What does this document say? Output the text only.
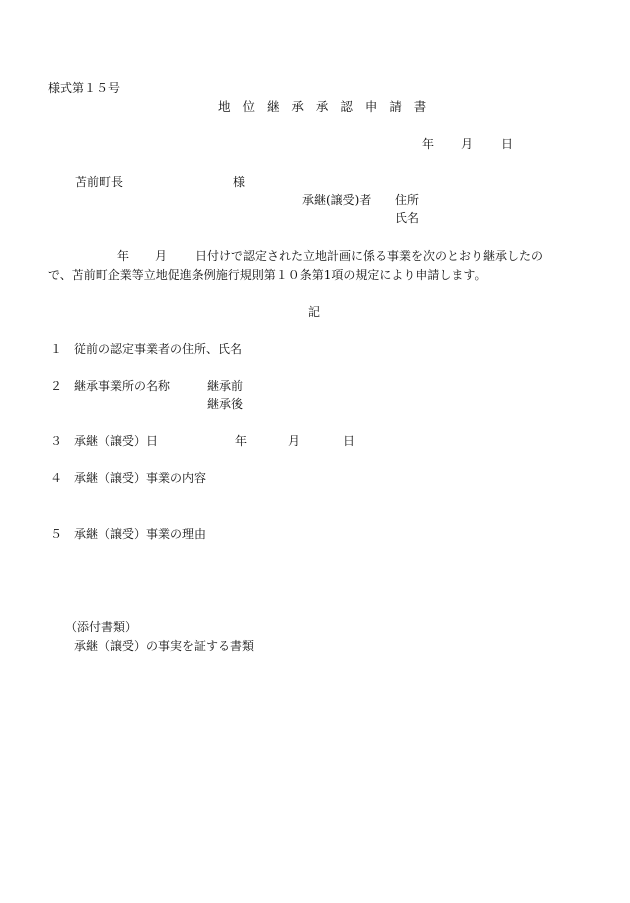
様式第１５号
地 位 継 承 承 認 申 請 書
年 月 日
苫前町長	様
承継(譲受)者 住所
氏名
年 月 日付けで認定された立地計画に係る事業を次のとおり継承したの
で、苫前町企業等立地促進条例施行規則第１０条第1項の規定により申請します。
記
１ 従前の認定事業者の住所、氏名
２ 継承事業所の名称	継承前
継承後
３ 承継（譲受）日	年	月	日
４ 承継（譲受）事業の内容
５ 承継（譲受）事業の理由
（添付書類）
承継（譲受）の事実を証する書類
